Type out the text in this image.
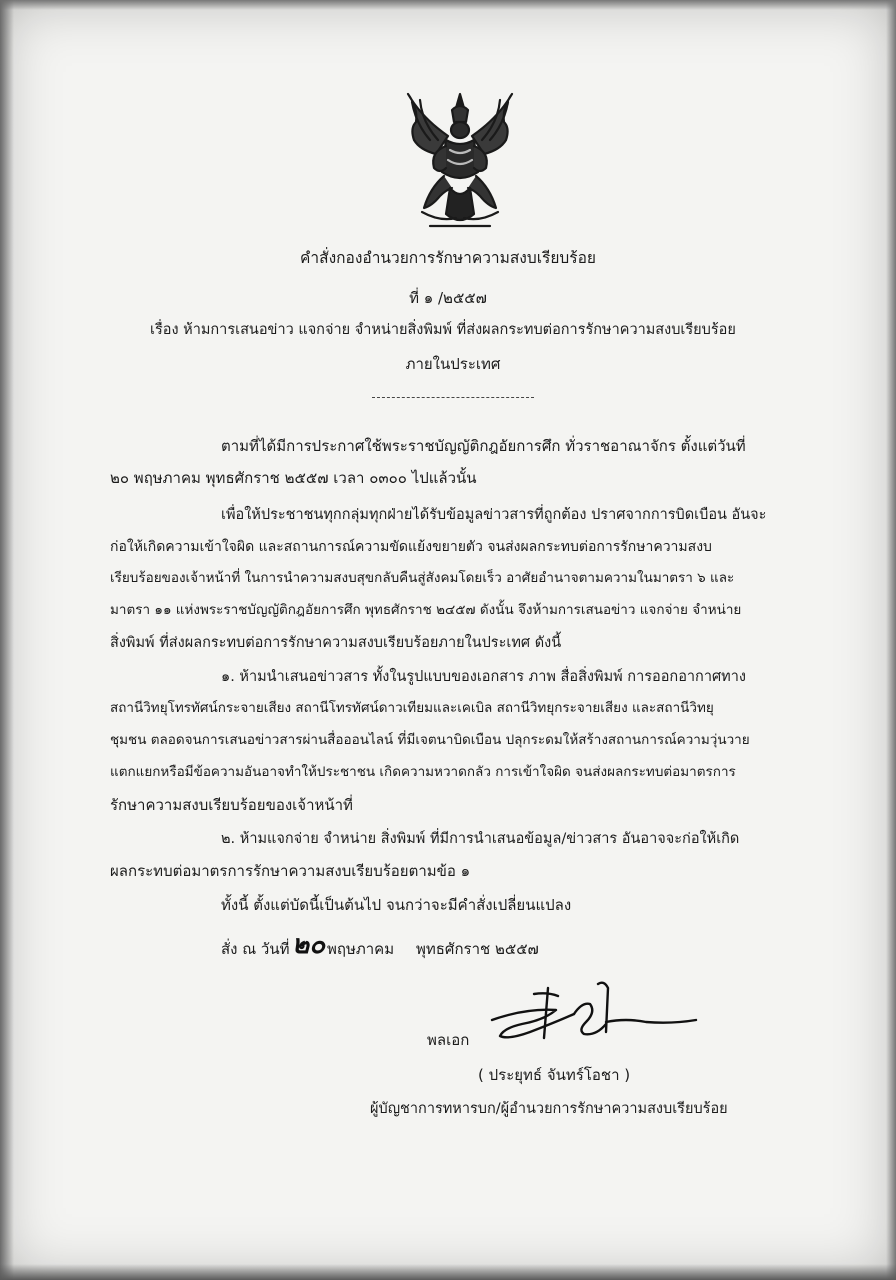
คำสั่งกองอำนวยการรักษาความสงบเรียบร้อย
ที่ ๑ /๒๕๕๗
เรื่อง ห้ามการเสนอข่าว แจกจ่าย จำหน่ายสิ่งพิมพ์ ที่ส่งผลกระทบต่อการรักษาความสงบเรียบร้อย
ภายในประเทศ
ตามที่ได้มีการประกาศใช้พระราชบัญญัติกฎอัยการศึก ทั่วราชอาณาจักร ตั้งแต่วันที่
๒๐ พฤษภาคม พุทธศักราช ๒๕๕๗ เวลา ๐๓๐๐ ไปแล้วนั้น
เพื่อให้ประชาชนทุกกลุ่มทุกฝ่ายได้รับข้อมูลข่าวสารที่ถูกต้อง ปราศจากการบิดเบือน อันจะ
ก่อให้เกิดความเข้าใจผิด และสถานการณ์ความขัดแย้งขยายตัว จนส่งผลกระทบต่อการรักษาความสงบ
เรียบร้อยของเจ้าหน้าที่ ในการนำความสงบสุขกลับคืนสู่สังคมโดยเร็ว อาศัยอำนาจตามความในมาตรา ๖ และ
มาตรา ๑๑ แห่งพระราชบัญญัติกฎอัยการศึก พุทธศักราช ๒๔๕๗ ดังนั้น จึงห้ามการเสนอข่าว แจกจ่าย จำหน่าย
สิ่งพิมพ์ ที่ส่งผลกระทบต่อการรักษาความสงบเรียบร้อยภายในประเทศ ดังนี้
๑. ห้ามนำเสนอข่าวสาร ทั้งในรูปแบบของเอกสาร ภาพ สื่อสิ่งพิมพ์ การออกอากาศทาง
สถานีวิทยุโทรทัศน์กระจายเสียง สถานีโทรทัศน์ดาวเทียมและเคเบิล สถานีวิทยุกระจายเสียง และสถานีวิทยุ
ชุมชน ตลอดจนการเสนอข่าวสารผ่านสื่อออนไลน์ ที่มีเจตนาบิดเบือน ปลุกระดมให้สร้างสถานการณ์ความวุ่นวาย
แตกแยกหรือมีข้อความอันอาจทำให้ประชาชน เกิดความหวาดกลัว การเข้าใจผิด จนส่งผลกระทบต่อมาตรการ
รักษาความสงบเรียบร้อยของเจ้าหน้าที่
๒. ห้ามแจกจ่าย จำหน่าย สิ่งพิมพ์ ที่มีการนำเสนอข้อมูล/ข่าวสาร อันอาจจะก่อให้เกิด
ผลกระทบต่อมาตรการรักษาความสงบเรียบร้อยตามข้อ ๑
ทั้งนี้ ตั้งแต่บัดนี้เป็นต้นไป จนกว่าจะมีคำสั่งเปลี่ยนแปลง
สั่ง ณ วันที่ ๒๐ พฤษภาคม พุทธศักราช ๒๕๕๗
พลเอก
( ประยุทธ์ จันทร์โอชา )
ผู้บัญชาการทหารบก/ผู้อำนวยการรักษาความสงบเรียบร้อย
